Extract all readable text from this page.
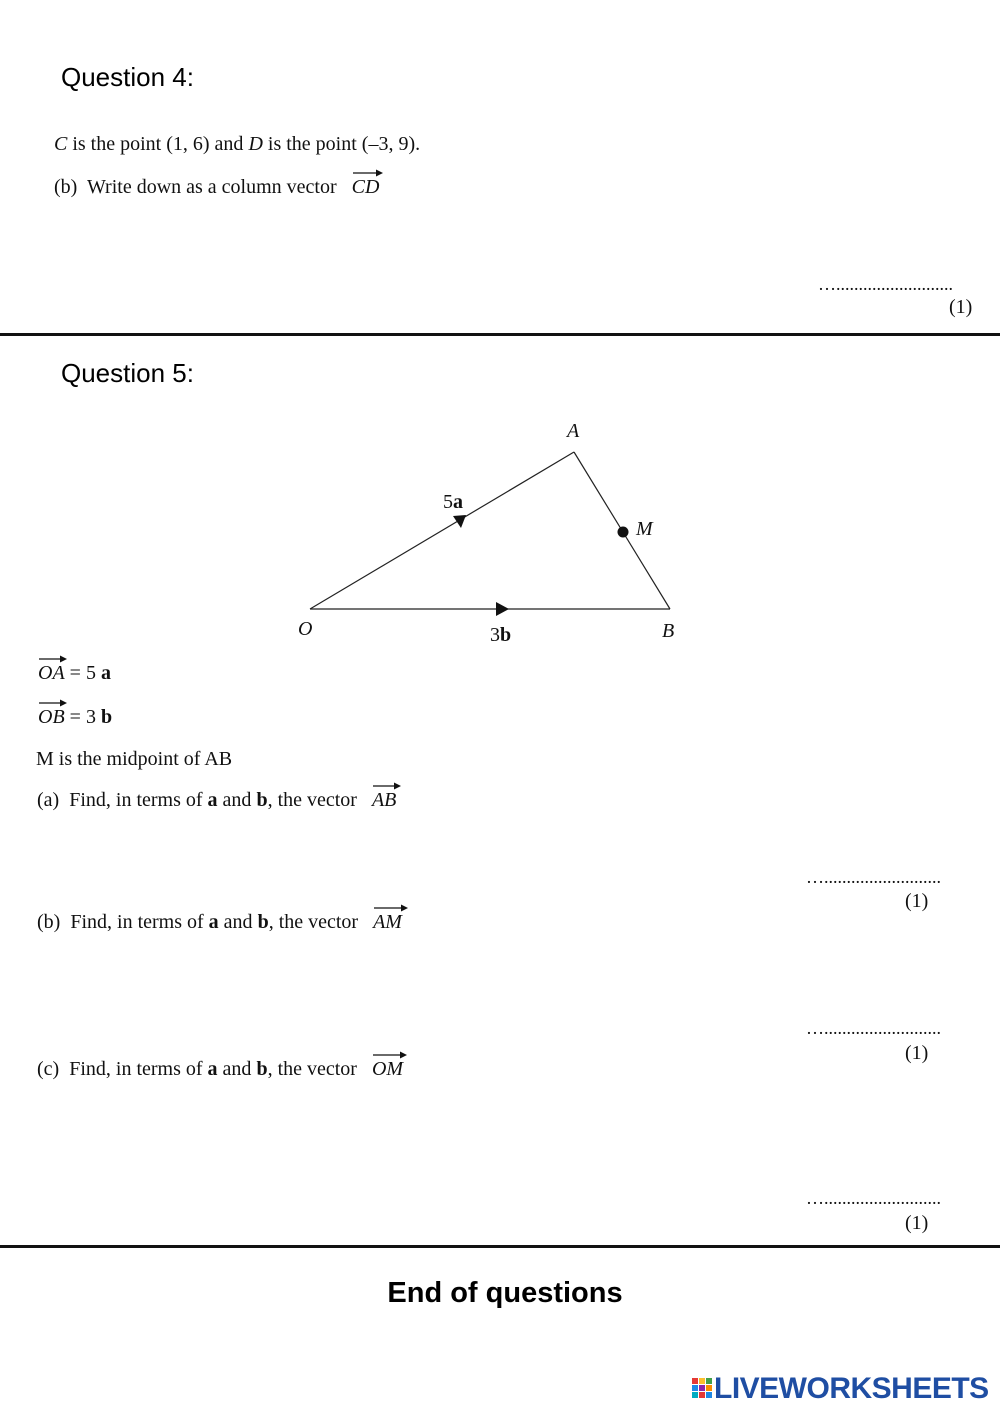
Question 4:
C is the point (1, 6) and D is the point (–3, 9).
(b) Write down as a column vector CD
…..........................
(1)
Question 5:
A
M
O	B
5a
3b
OA = 5 a
OB = 3 b
M is the midpoint of AB
(a) Find, in terms of a and b, the vector AB
…..........................
(1)
(b) Find, in terms of a and b, the vector AM
…..........................
(1)
(c) Find, in terms of a and b, the vector OM
…..........................
(1)
End of questions
LIVEWORKSHEETS
